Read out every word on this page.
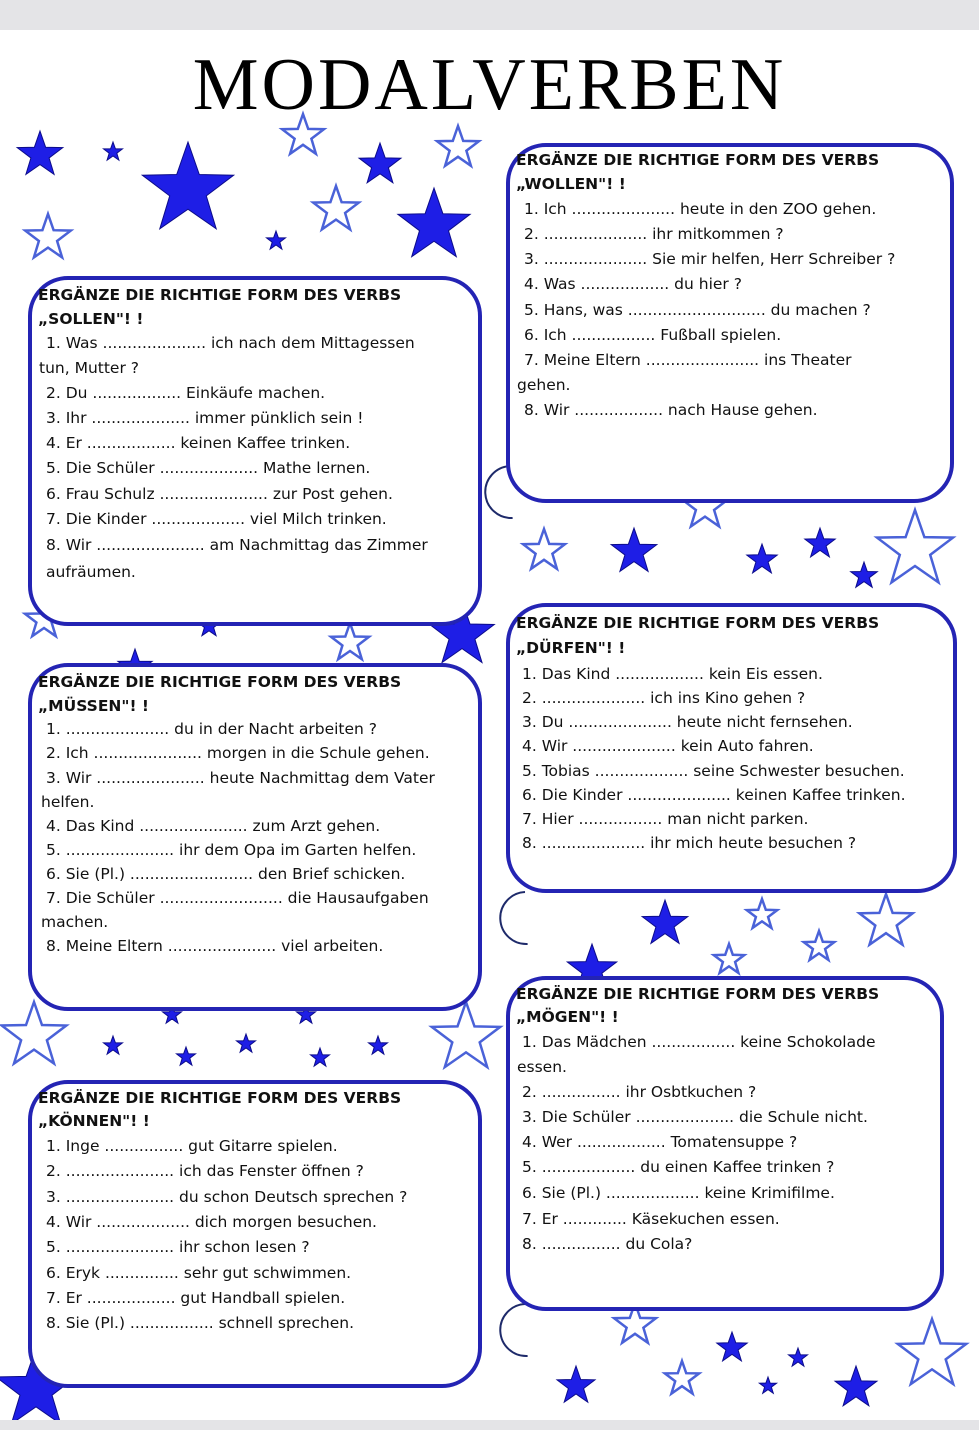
MODALVERBEN
ERGÄNZE DIE RICHTIGE FORM DES VERBS
„WOLLEN"! !
1. Ich ..................... heute in den ZOO gehen.
2. ..................... ihr mitkommen ?
3. ..................... Sie mir helfen, Herr Schreiber ?
4. Was .................. du hier ?
5. Hans, was ............................ du machen ?
6. Ich ................. Fußball spielen.
7. Meine Eltern ....................... ins Theater
gehen.
8. Wir .................. nach Hause gehen.
ERGÄNZE DIE RICHTIGE FORM DES VERBS
„SOLLEN"! !
1. Was ..................... ich nach dem Mittagessen
tun, Mutter ?
2. Du .................. Einkäufe machen.
3. Ihr .................... immer pünklich sein !
4. Er .................. keinen Kaffee trinken.
5. Die Schüler .................... Mathe lernen.
6. Frau Schulz ...................... zur Post gehen.
7. Die Kinder ................... viel Milch trinken.
8. Wir ...................... am Nachmittag das Zimmer
aufräumen.
ERGÄNZE DIE RICHTIGE FORM DES VERBS
„DÜRFEN"! !
1. Das Kind .................. kein Eis essen.
2. ..................... ich ins Kino gehen ?
3. Du ..................... heute nicht fernsehen.
4. Wir ..................... kein Auto fahren.
5. Tobias ................... seine Schwester besuchen.
6. Die Kinder ..................... keinen Kaffee trinken.
7. Hier ................. man nicht parken.
8. ..................... ihr mich heute besuchen ?
ERGÄNZE DIE RICHTIGE FORM DES VERBS
„MÜSSEN"! !
1. ..................... du in der Nacht arbeiten ?
2. Ich ...................... morgen in die Schule gehen.
3. Wir ...................... heute Nachmittag dem Vater
helfen.
4. Das Kind ...................... zum Arzt gehen.
5. ...................... ihr dem Opa im Garten helfen.
6. Sie (Pl.) ......................... den Brief schicken.
7. Die Schüler ......................... die Hausaufgaben
machen.
8. Meine Eltern ...................... viel arbeiten.
ERGÄNZE DIE RICHTIGE FORM DES VERBS
„MÖGEN"! !
1. Das Mädchen ................. keine Schokolade
essen.
2. ................ ihr Osbtkuchen ?
3. Die Schüler .................... die Schule nicht.
4. Wer .................. Tomatensuppe ?
5. ................... du einen Kaffee trinken ?
6. Sie (Pl.) ................... keine Krimifilme.
7. Er ............. Käsekuchen essen.
8. ................ du Cola?
ERGÄNZE DIE RICHTIGE FORM DES VERBS
„KÖNNEN"! !
1. Inge ................ gut Gitarre spielen.
2. ...................... ich das Fenster öffnen ?
3. ...................... du schon Deutsch sprechen ?
4. Wir ................... dich morgen besuchen.
5. ...................... ihr schon lesen ?
6. Eryk ............... sehr gut schwimmen.
7. Er .................. gut Handball spielen.
8. Sie (Pl.) ................. schnell sprechen.
